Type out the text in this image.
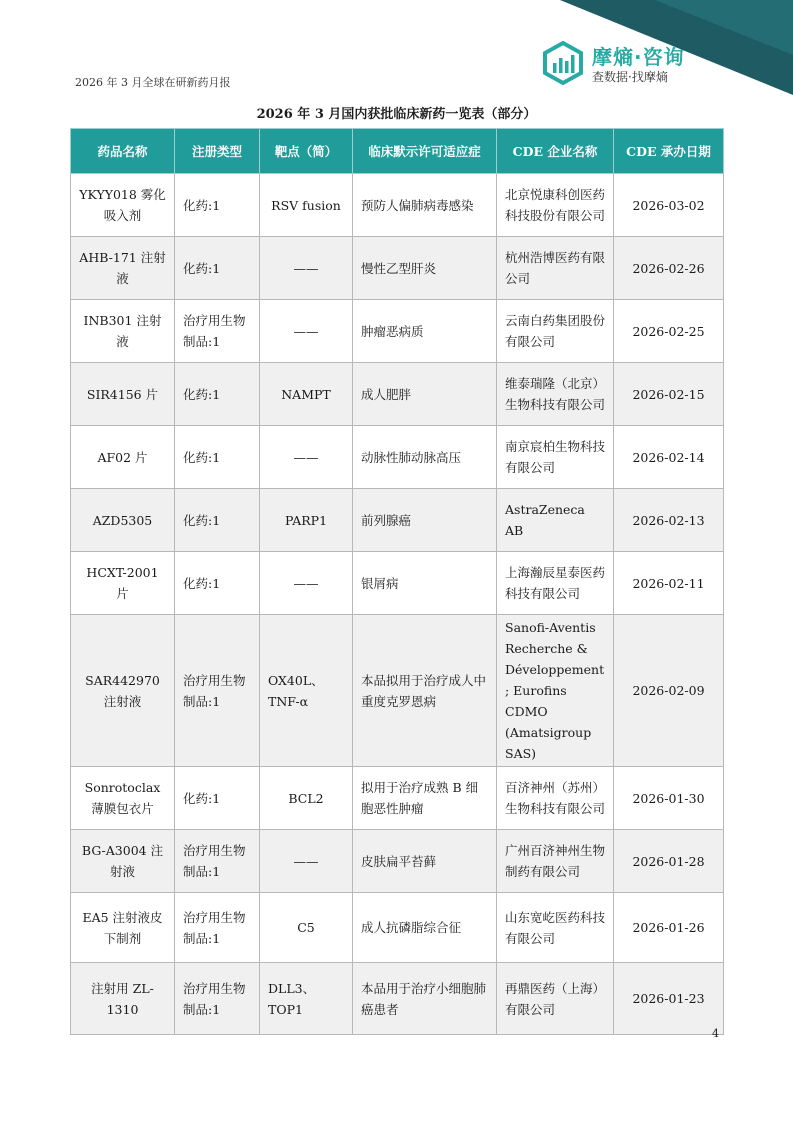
2026 年 3 月全球在研新药月报
摩熵·咨询
查数据·找摩熵
2026 年 3 月国内获批临床新药一览表（部分）
药品名称	注册类型	靶点（简）	临床默示许可适应症	CDE 企业名称	CDE 承办日期
YKYY018 雾化吸入剂	化药:1	RSV fusion	预防人偏肺病毒感染	北京悦康科创医药科技股份有限公司	2026-03-02
AHB-171 注射液	化药:1	——	慢性乙型肝炎	杭州浩博医药有限公司	2026-02-26
INB301 注射液	治疗用生物制品:1	——	肿瘤恶病质	云南白药集团股份有限公司	2026-02-25
SIR4156 片	化药:1	NAMPT	成人肥胖	维泰瑞隆（北京）生物科技有限公司	2026-02-15
AF02 片	化药:1	——	动脉性肺动脉高压	南京宸柏生物科技有限公司	2026-02-14
AZD5305	化药:1	PARP1	前列腺癌	AstraZeneca AB	2026-02-13
HCXT-2001 片	化药:1	——	银屑病	上海瀚辰星泰医药科技有限公司	2026-02-11
SAR442970 注射液	治疗用生物制品:1	OX40L、TNF-α	本品拟用于治疗成人中重度克罗恩病	Sanofi-Aventis Recherche & Développement ; Eurofins CDMO (Amatsigroup SAS)	2026-02-09
Sonrotoclax 薄膜包衣片	化药:1	BCL2	拟用于治疗成熟 B 细胞恶性肿瘤	百济神州（苏州）生物科技有限公司	2026-01-30
BG-A3004 注射液	治疗用生物制品:1	——	皮肤扁平苔藓	广州百济神州生物制药有限公司	2026-01-28
EA5 注射液皮下制剂	治疗用生物制品:1	C5	成人抗磷脂综合征	山东宽屹医药科技有限公司	2026-01-26
注射用 ZL-1310	治疗用生物制品:1	DLL3、TOP1	本品用于治疗小细胞肺癌患者	再鼎医药（上海）有限公司	2026-01-23
4
